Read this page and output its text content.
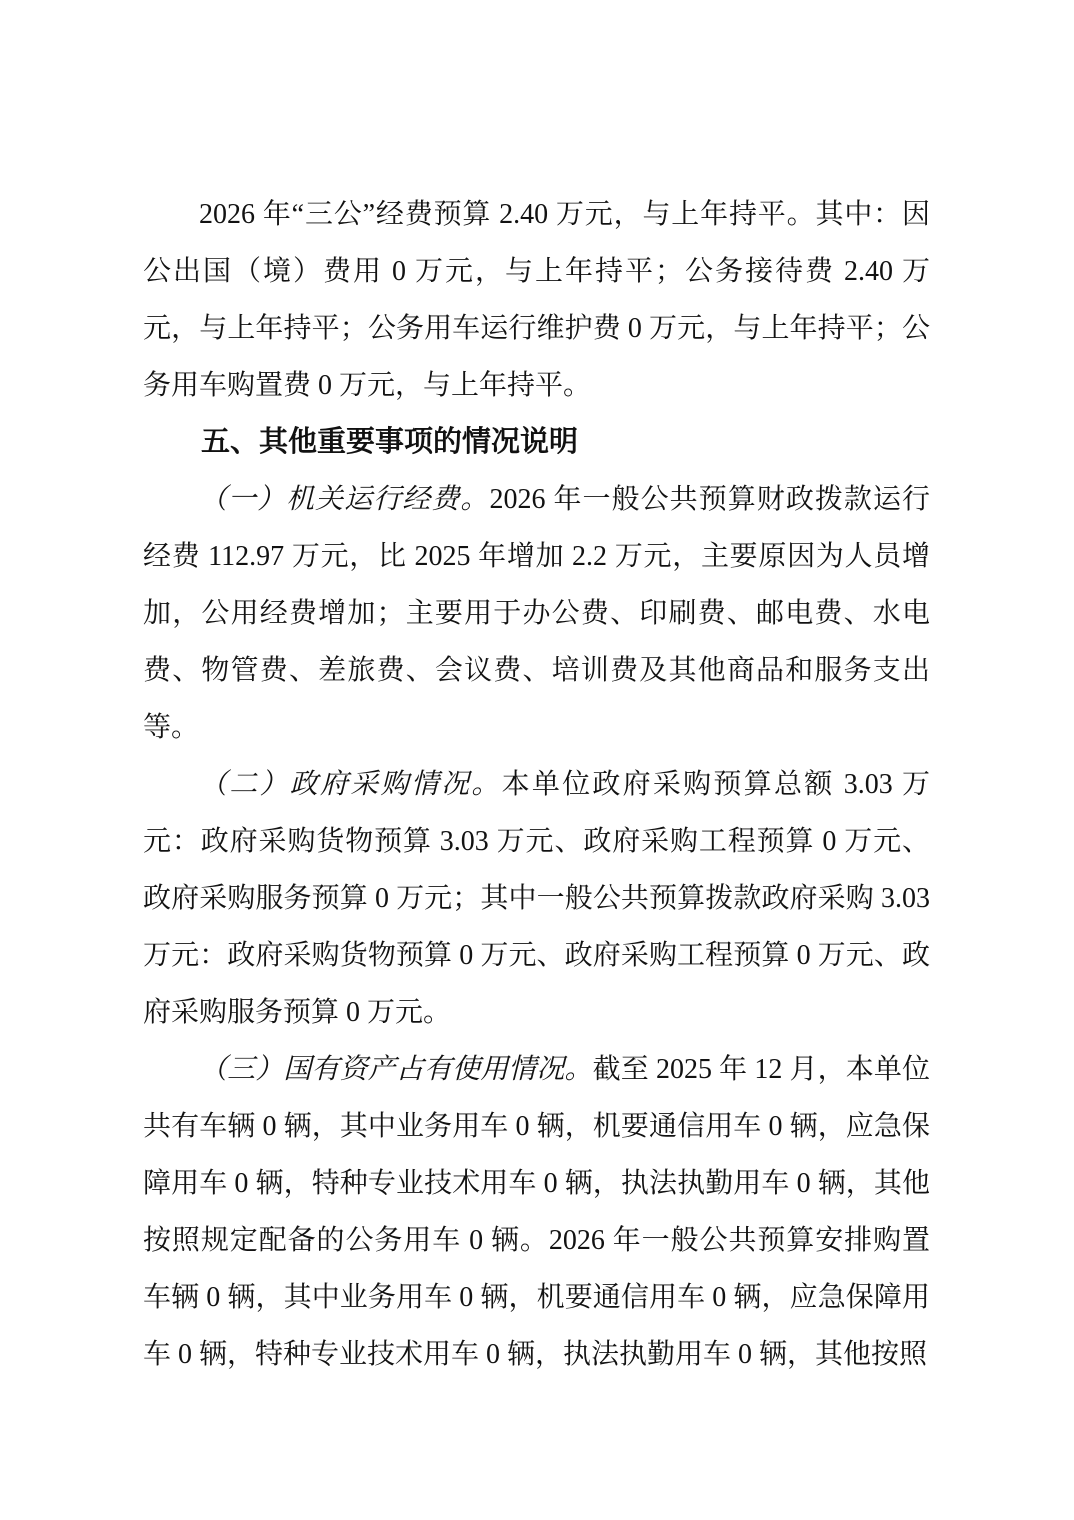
2026 年“三公”经费预算 2.40 万元，与上年持平。其中：因公出国（境）费用 0 万元，与上年持平；公务接待费 2.40 万元，与上年持平；公务用车运行维护费 0 万元，与上年持平；公务用车购置费 0 万元，与上年持平。

五、其他重要事项的情况说明

（一）机关运行经费。2026 年一般公共预算财政拨款运行经费 112.97 万元，比 2025 年增加 2.2 万元，主要原因为人员增加，公用经费增加；主要用于办公费、印刷费、邮电费、水电费、物管费、差旅费、会议费、培训费及其他商品和服务支出等。

（二）政府采购情况。本单位政府采购预算总额 3.03 万元：政府采购货物预算 3.03 万元、政府采购工程预算 0 万元、政府采购服务预算 0 万元；其中一般公共预算拨款政府采购 3.03 万元：政府采购货物预算 0 万元、政府采购工程预算 0 万元、政府采购服务预算 0 万元。

（三）国有资产占有使用情况。截至 2025 年 12 月，本单位共有车辆 0 辆，其中业务用车 0 辆，机要通信用车 0 辆，应急保障用车 0 辆，特种专业技术用车 0 辆，执法执勤用车 0 辆，其他按照规定配备的公务用车 0 辆。2026 年一般公共预算安排购置车辆 0 辆，其中业务用车 0 辆，机要通信用车 0 辆，应急保障用车 0 辆，特种专业技术用车 0 辆，执法执勤用车 0 辆，其他按照
